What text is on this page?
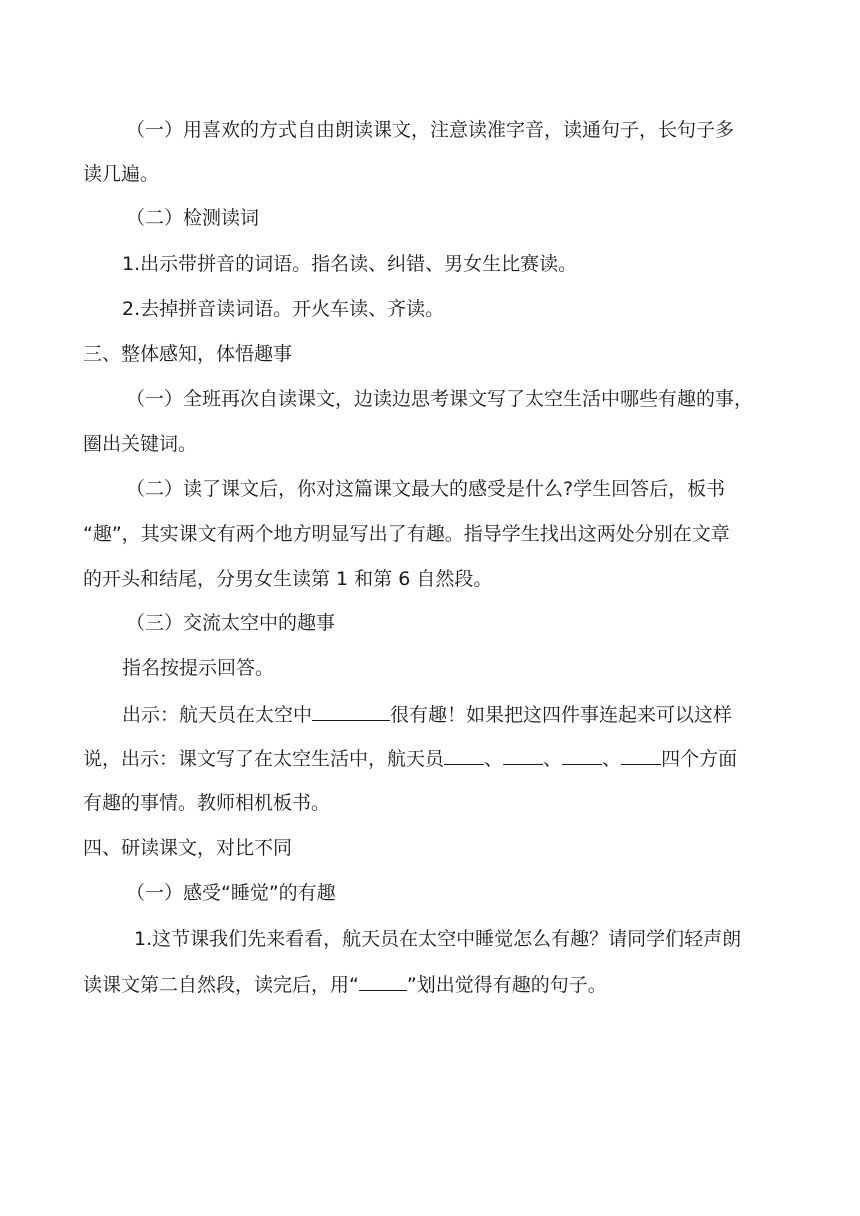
（一）用喜欢的方式自由朗读课文，注意读准字音，读通句子，长句子多
读几遍。
（二）检测读词
1.出示带拼音的词语。指名读、纠错、男女生比赛读。
2.去掉拼音读词语。开火车读、齐读。
三、整体感知，体悟趣事
（一）全班再次自读课文，边读边思考课文写了太空生活中哪些有趣的事，
圈出关键词。
（二）读了课文后，你对这篇课文最大的感受是什么?学生回答后，板书
“趣”，其实课文有两个地方明显写出了有趣。指导学生找出这两处分别在文章
的开头和结尾，分男女生读第 1 和第 6 自然段。
（三）交流太空中的趣事
指名按提示回答。
出示：航天员在太空中	很有趣！如果把这四件事连起来可以这样
说，出示：课文写了在太空生活中，航天员 、 、 、 四个方面
有趣的事情。教师相机板书。
四、研读课文，对比不同
（一）感受“睡觉”的有趣
1.这节课我们先来看看，航天员在太空中睡觉怎么有趣？请同学们轻声朗
读课文第二自然段，读完后，用“	”划出觉得有趣的句子。
